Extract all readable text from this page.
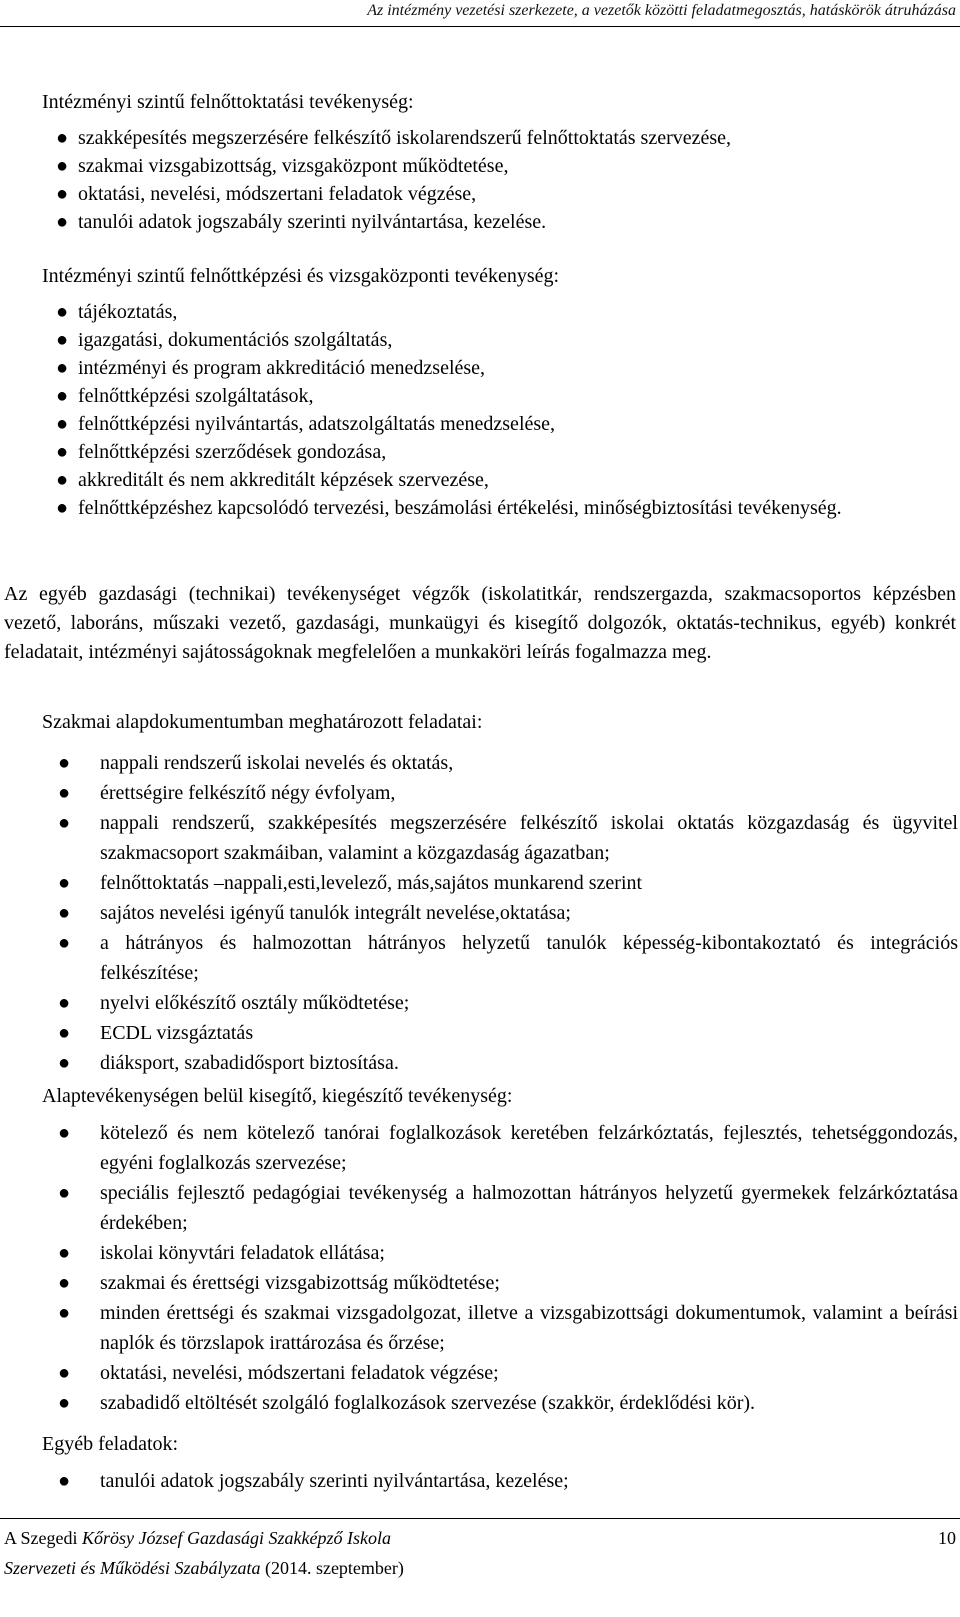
Az intézmény vezetési szerkezete, a vezetők közötti feladatmegosztás, hatáskörök átruházása
Intézményi szintű felnőttoktatási tevékenység:
● szakképesítés megszerzésére felkészítő iskolarendszerű felnőttoktatás szervezése,
● szakmai vizsgabizottság, vizsgaközpont működtetése,
● oktatási, nevelési, módszertani feladatok végzése,
● tanulói adatok jogszabály szerinti nyilvántartása, kezelése.
Intézményi szintű felnőttképzési és vizsgaközponti tevékenység:
● tájékoztatás,
● igazgatási, dokumentációs szolgáltatás,
● intézményi és program akkreditáció menedzselése,
● felnőttképzési szolgáltatások,
● felnőttképzési nyilvántartás, adatszolgáltatás menedzselése,
● felnőttképzési szerződések gondozása,
● akkreditált és nem akkreditált képzések szervezése,
● felnőttképzéshez kapcsolódó tervezési, beszámolási értékelési, minőségbiztosítási tevékenység.

Az egyéb gazdasági (technikai) tevékenységet végzők (iskolatitkár, rendszergazda, szakmacsoportos képzésben vezető, laboráns, műszaki vezető, gazdasági, munkaügyi és kisegítő dolgozók, oktatás-technikus, egyéb) konkrét feladatait, intézményi sajátosságoknak megfelelően a munkaköri leírás fogalmazza meg.

Szakmai alapdokumentumban meghatározott feladatai:
● nappali rendszerű iskolai nevelés és oktatás,
● érettségire felkészítő négy évfolyam,
● nappali rendszerű, szakképesítés megszerzésére felkészítő iskolai oktatás közgazdaság és ügyvitel szakmacsoport szakmáiban, valamint a közgazdaság ágazatban;
● felnőttoktatás –nappali,esti,levelező, más,sajátos munkarend szerint
● sajátos nevelési igényű tanulók integrált nevelése,oktatása;
● a hátrányos és halmozottan hátrányos helyzetű tanulók képesség-kibontakoztató és integrációs felkészítése;
● nyelvi előkészítő osztály működtetése;
● ECDL vizsgáztatás
● diáksport, szabadidősport biztosítása.
Alaptevékenységen belül kisegítő, kiegészítő tevékenység:
● kötelező és nem kötelező tanórai foglalkozások keretében felzárkóztatás, fejlesztés, tehetséggondozás, egyéni foglalkozás szervezése;
● speciális fejlesztő pedagógiai tevékenység a halmozottan hátrányos helyzetű gyermekek felzárkóztatása érdekében;
● iskolai könyvtári feladatok ellátása;
● szakmai és érettségi vizsgabizottság működtetése;
● minden érettségi és szakmai vizsgadolgozat, illetve a vizsgabizottsági dokumentumok, valamint a beírási naplók és törzslapok irattározása és őrzése;
● oktatási, nevelési, módszertani feladatok végzése;
● szabadidő eltöltését szolgáló foglalkozások szervezése (szakkör, érdeklődési kör).
Egyéb feladatok:
● tanulói adatok jogszabály szerinti nyilvántartása, kezelése;
A Szegedi Kőrösy József Gazdasági Szakképző Iskola
Szervezeti és Működési Szabályzata (2014. szeptember)
10
